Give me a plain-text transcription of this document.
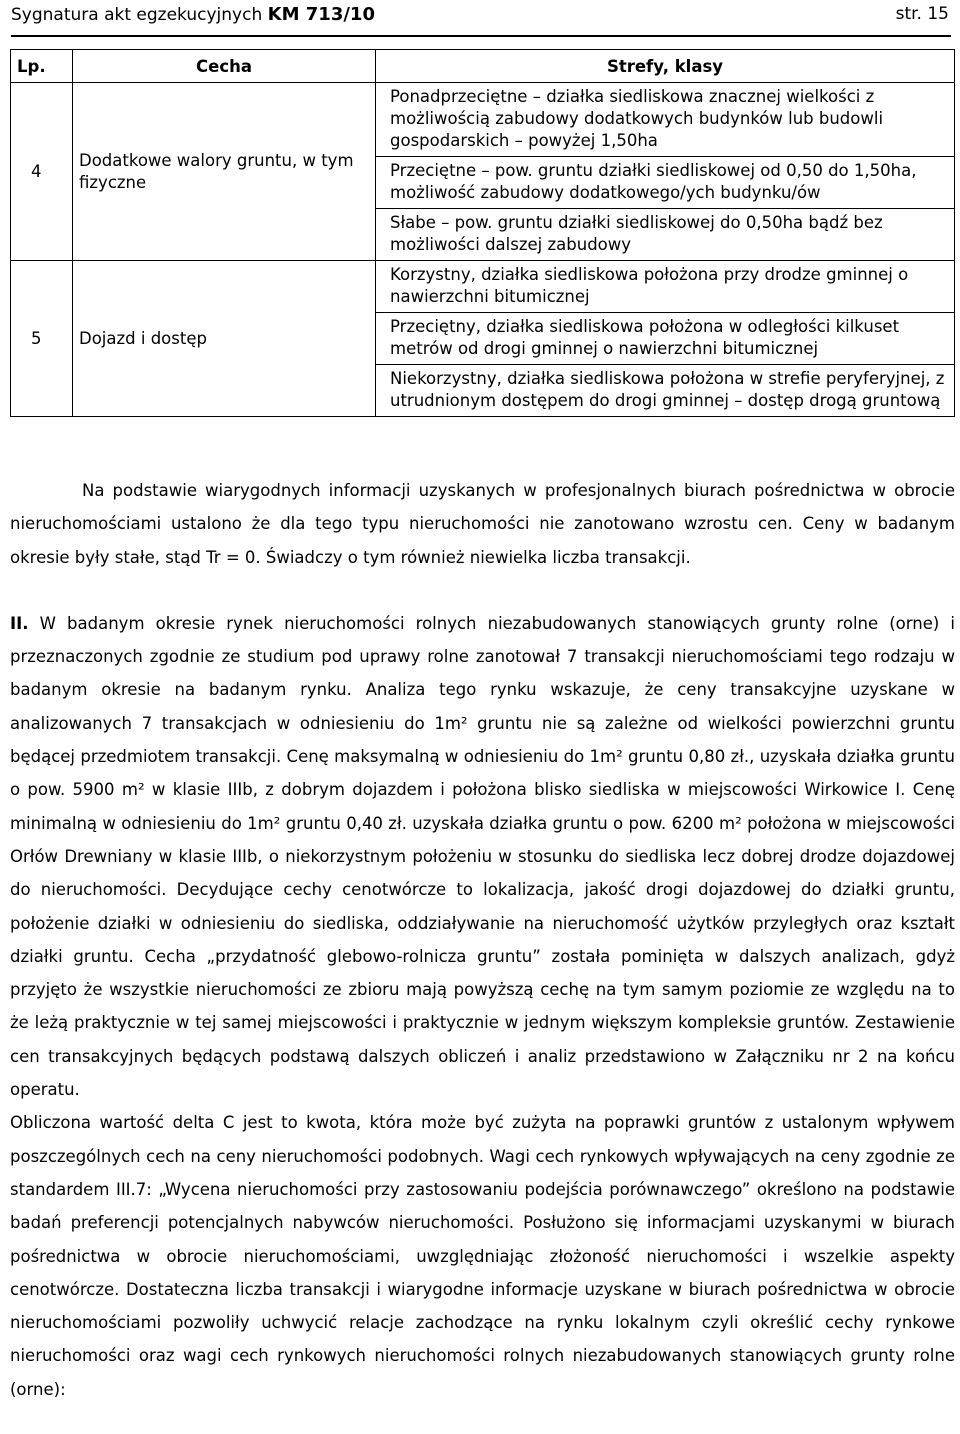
Sygnatura akt egzekucyjnych KM 713/10	str. 15
Lp.	Cecha	Strefy, klasy
4	Dodatkowe walory gruntu, w tym fizyczne	Ponadprzeciętne – działka siedliskowa znacznej wielkości z możliwością zabudowy dodatkowych budynków lub budowli gospodarskich – powyżej 1,50ha
		Przeciętne – pow. gruntu działki siedliskowej od 0,50 do 1,50ha, możliwość zabudowy dodatkowego/ych budynku/ów
		Słabe – pow. gruntu działki siedliskowej do 0,50ha bądź bez możliwości dalszej zabudowy
5	Dojazd i dostęp	Korzystny, działka siedliskowa położona przy drodze gminnej o nawierzchni bitumicznej
		Przeciętny, działka siedliskowa położona w odległości kilkuset metrów od drogi gminnej o nawierzchni bitumicznej
		Niekorzystny, działka siedliskowa położona w strefie peryferyjnej, z utrudnionym dostępem do drogi gminnej – dostęp drogą gruntową

Na podstawie wiarygodnych informacji uzyskanych w profesjonalnych biurach pośrednictwa w obrocie nieruchomościami ustalono że dla tego typu nieruchomości nie zanotowano wzrostu cen. Ceny w badanym okresie były stałe, stąd Tr = 0. Świadczy o tym również niewielka liczba transakcji.

II. W badanym okresie rynek nieruchomości rolnych niezabudowanych stanowiących grunty rolne (orne) i przeznaczonych zgodnie ze studium pod uprawy rolne zanotował 7 transakcji nieruchomościami tego rodzaju w badanym okresie na badanym rynku. Analiza tego rynku wskazuje, że ceny transakcyjne uzyskane w analizowanych 7 transakcjach w odniesieniu do 1m² gruntu nie są zależne od wielkości powierzchni gruntu będącej przedmiotem transakcji. Cenę maksymalną w odniesieniu do 1m² gruntu 0,80 zł., uzyskała działka gruntu o pow. 5900 m² w klasie IIIb, z dobrym dojazdem i położona blisko siedliska w miejscowości Wirkowice I. Cenę minimalną w odniesieniu do 1m² gruntu 0,40 zł. uzyskała działka gruntu o pow. 6200 m² położona w miejscowości Orłów Drewniany w klasie IIIb, o niekorzystnym położeniu w stosunku do siedliska lecz dobrej drodze dojazdowej do nieruchomości. Decydujące cechy cenotwórcze to lokalizacja, jakość drogi dojazdowej do działki gruntu, położenie działki w odniesieniu do siedliska, oddziaływanie na nieruchomość użytków przyległych oraz kształt działki gruntu. Cecha „przydatność glebowo-rolnicza gruntu” została pominięta w dalszych analizach, gdyż przyjęto że wszystkie nieruchomości ze zbioru mają powyższą cechę na tym samym poziomie ze względu na to że leżą praktycznie w tej samej miejscowości i praktycznie w jednym większym kompleksie gruntów. Zestawienie cen transakcyjnych będących podstawą dalszych obliczeń i analiz przedstawiono w Załączniku nr 2 na końcu operatu.

Obliczona wartość delta C jest to kwota, która może być zużyta na poprawki gruntów z ustalonym wpływem poszczególnych cech na ceny nieruchomości podobnych. Wagi cech rynkowych wpływających na ceny zgodnie ze standardem III.7: „Wycena nieruchomości przy zastosowaniu podejścia porównawczego” określono na podstawie badań preferencji potencjalnych nabywców nieruchomości. Posłużono się informacjami uzyskanymi w biurach pośrednictwa w obrocie nieruchomościami, uwzględniając złożoność nieruchomości i wszelkie aspekty cenotwórcze. Dostateczna liczba transakcji i wiarygodne informacje uzyskane w biurach pośrednictwa w obrocie nieruchomościami pozwoliły uchwycić relacje zachodzące na rynku lokalnym czyli określić cechy rynkowe nieruchomości oraz wagi cech rynkowych nieruchomości rolnych niezabudowanych stanowiących grunty rolne (orne):
